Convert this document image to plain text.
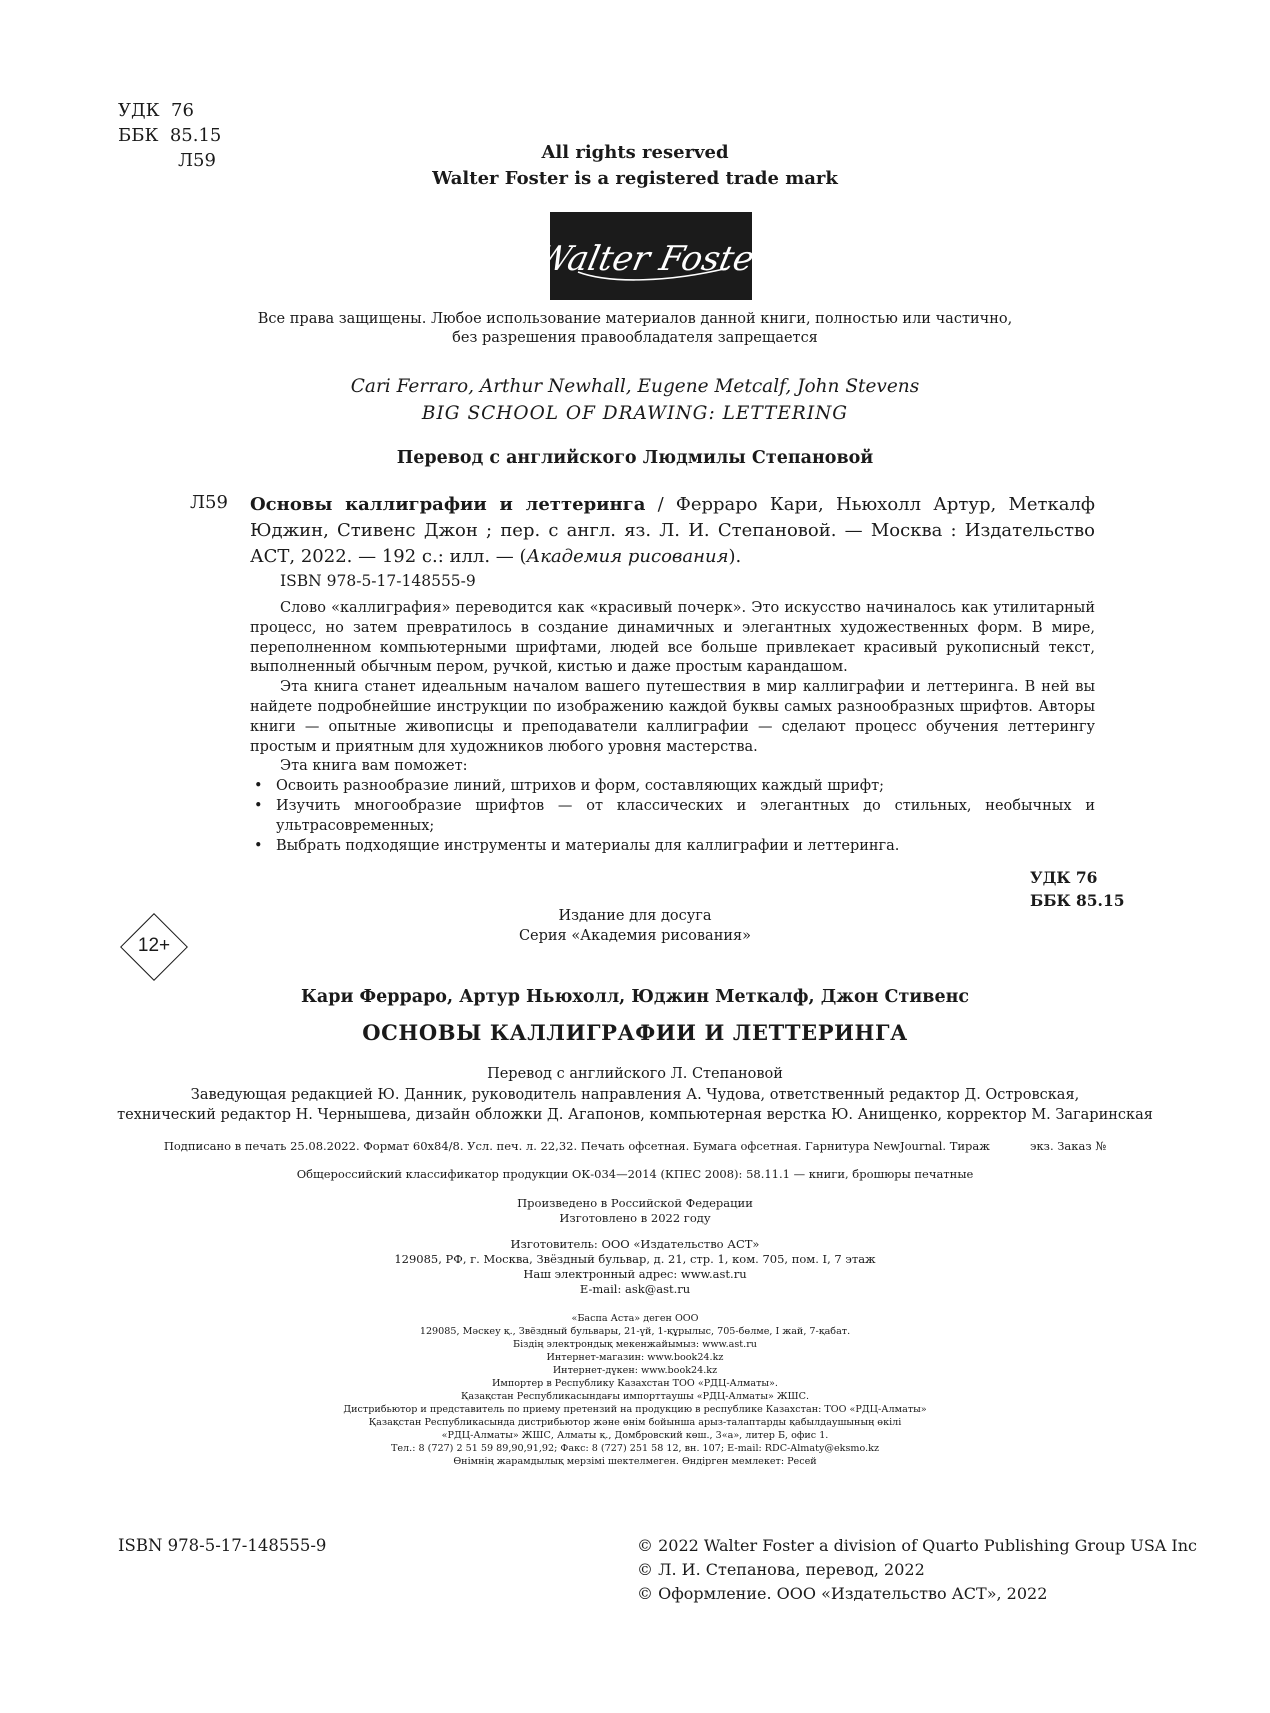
УДК  76
ББК  85.15
Л59	All rights reserved
Walter Foster is a registered trade mark
Walter Foster
Все права защищены. Любое использование материалов данной книги, полностью или частично,
без разрешения правообладателя запрещается
Cari Ferraro, Arthur Newhall, Eugene Metcalf, John Stevens
BIG SCHOOL OF DRAWING: LETTERING
Перевод с английского Людмилы Степановой
Л59 Основы каллиграфии и леттеринга / Ферраро Кари, Ньюхолл Артур, Меткалф Юджин, Стивенс Джон ; пер. с англ. яз. Л. И. Степановой. — Москва : Издательство АСТ, 2022. — 192 с.: илл. — (Академия рисования).
ISBN 978-5-17-148555-9

Слово «каллиграфия» переводится как «красивый почерк». Это искусство начиналось как утилитарный процесс, но затем превратилось в создание динамичных и элегантных художественных форм. В мире, переполненном компьютерными шрифтами, людей все больше привлекает красивый рукописный текст, выполненный обычным пером, ручкой, кистью и даже простым карандашом.

Эта книга станет идеальным началом вашего путешествия в мир каллиграфии и леттеринга. В ней вы найдете подробнейшие инструкции по изображению каждой буквы самых разнообразных шрифтов. Авторы книги — опытные живописцы и преподаватели каллиграфии — сделают процесс обучения леттерингу простым и приятным для художников любого уровня мастерства.

Эта книга вам поможет:

• Освоить разнообразие линий, штрихов и форм, составляющих каждый шрифт;
• Изучить многообразие шрифтов — от классических и элегантных до стильных, необычных и ультрасовременных;
• Выбрать подходящие инструменты и материалы для каллиграфии и леттеринга.
УДК 76
ББК 85.15
12+
Издание для досуга
Серия «Академия рисования»
Кари Ферраро, Артур Ньюхолл, Юджин Меткалф, Джон Стивенс
ОСНОВЫ КАЛЛИГРАФИИ И ЛЕТТЕРИНГА
Перевод с английского Л. Степановой
Заведующая редакцией Ю. Данник, руководитель направления А. Чудова, ответственный редактор Д. Островская,
технический редактор Н. Чернышева, дизайн обложки Д. Агапонов, компьютерная верстка Ю. Анищенко, корректор М. Загаринская
Подписано в печать 25.08.2022. Формат 60x84/8. Усл. печ. л. 22,32. Печать офсетная. Бумага офсетная. Гарнитура NewJournal. Тираж           экз. Заказ №
Общероссийский классификатор продукции ОК-034—2014 (КПЕС 2008): 58.11.1 — книги, брошюры печатные
Произведено в Российской Федерации
Изготовлено в 2022 году
Изготовитель: ООО «Издательство АСТ»
129085, РФ, г. Москва, Звёздный бульвар, д. 21, стр. 1, ком. 705, пом. I, 7 этаж
Наш электронный адрес: www.ast.ru
E-mail: ask@ast.ru
«Баспа Аста» деген ООО
129085, Мәскеу қ., Звёздный бульвары, 21-үй, 1-құрылыс, 705-бөлме, I жай, 7-қабат.
Біздің электрондық мекенжайымыз: www.ast.ru
Интернет-магазин: www.book24.kz
Интернет-дүкен: www.book24.kz
Импортер в Республику Казахстан ТОО «РДЦ-Алматы».
Қазақстан Республикасындағы импорттаушы «РДЦ-Алматы» ЖШС.
Дистрибьютор и представитель по приему претензий на продукцию в республике Казахстан: ТОО «РДЦ-Алматы»
Қазақстан Республикасында дистрибьютор және өнім бойынша арыз-талаптарды қабылдаушының өкілі
«РДЦ-Алматы» ЖШС, Алматы қ., Домбровский көш., 3«а», литер Б, офис 1.
Тел.: 8 (727) 2 51 59 89,90,91,92; Факс: 8 (727) 251 58 12, вн. 107; E-mail: RDC-Almaty@eksmo.kz
Өнімнің жарамдылық мерзімі шектелмеген. Өндірген мемлекет: Ресей
ISBN 978-5-17-148555-9	© 2022 Walter Foster a division of Quarto Publishing Group USA Inc
© Л. И. Степанова, перевод, 2022
© Оформление. ООО «Издательство АСТ», 2022
